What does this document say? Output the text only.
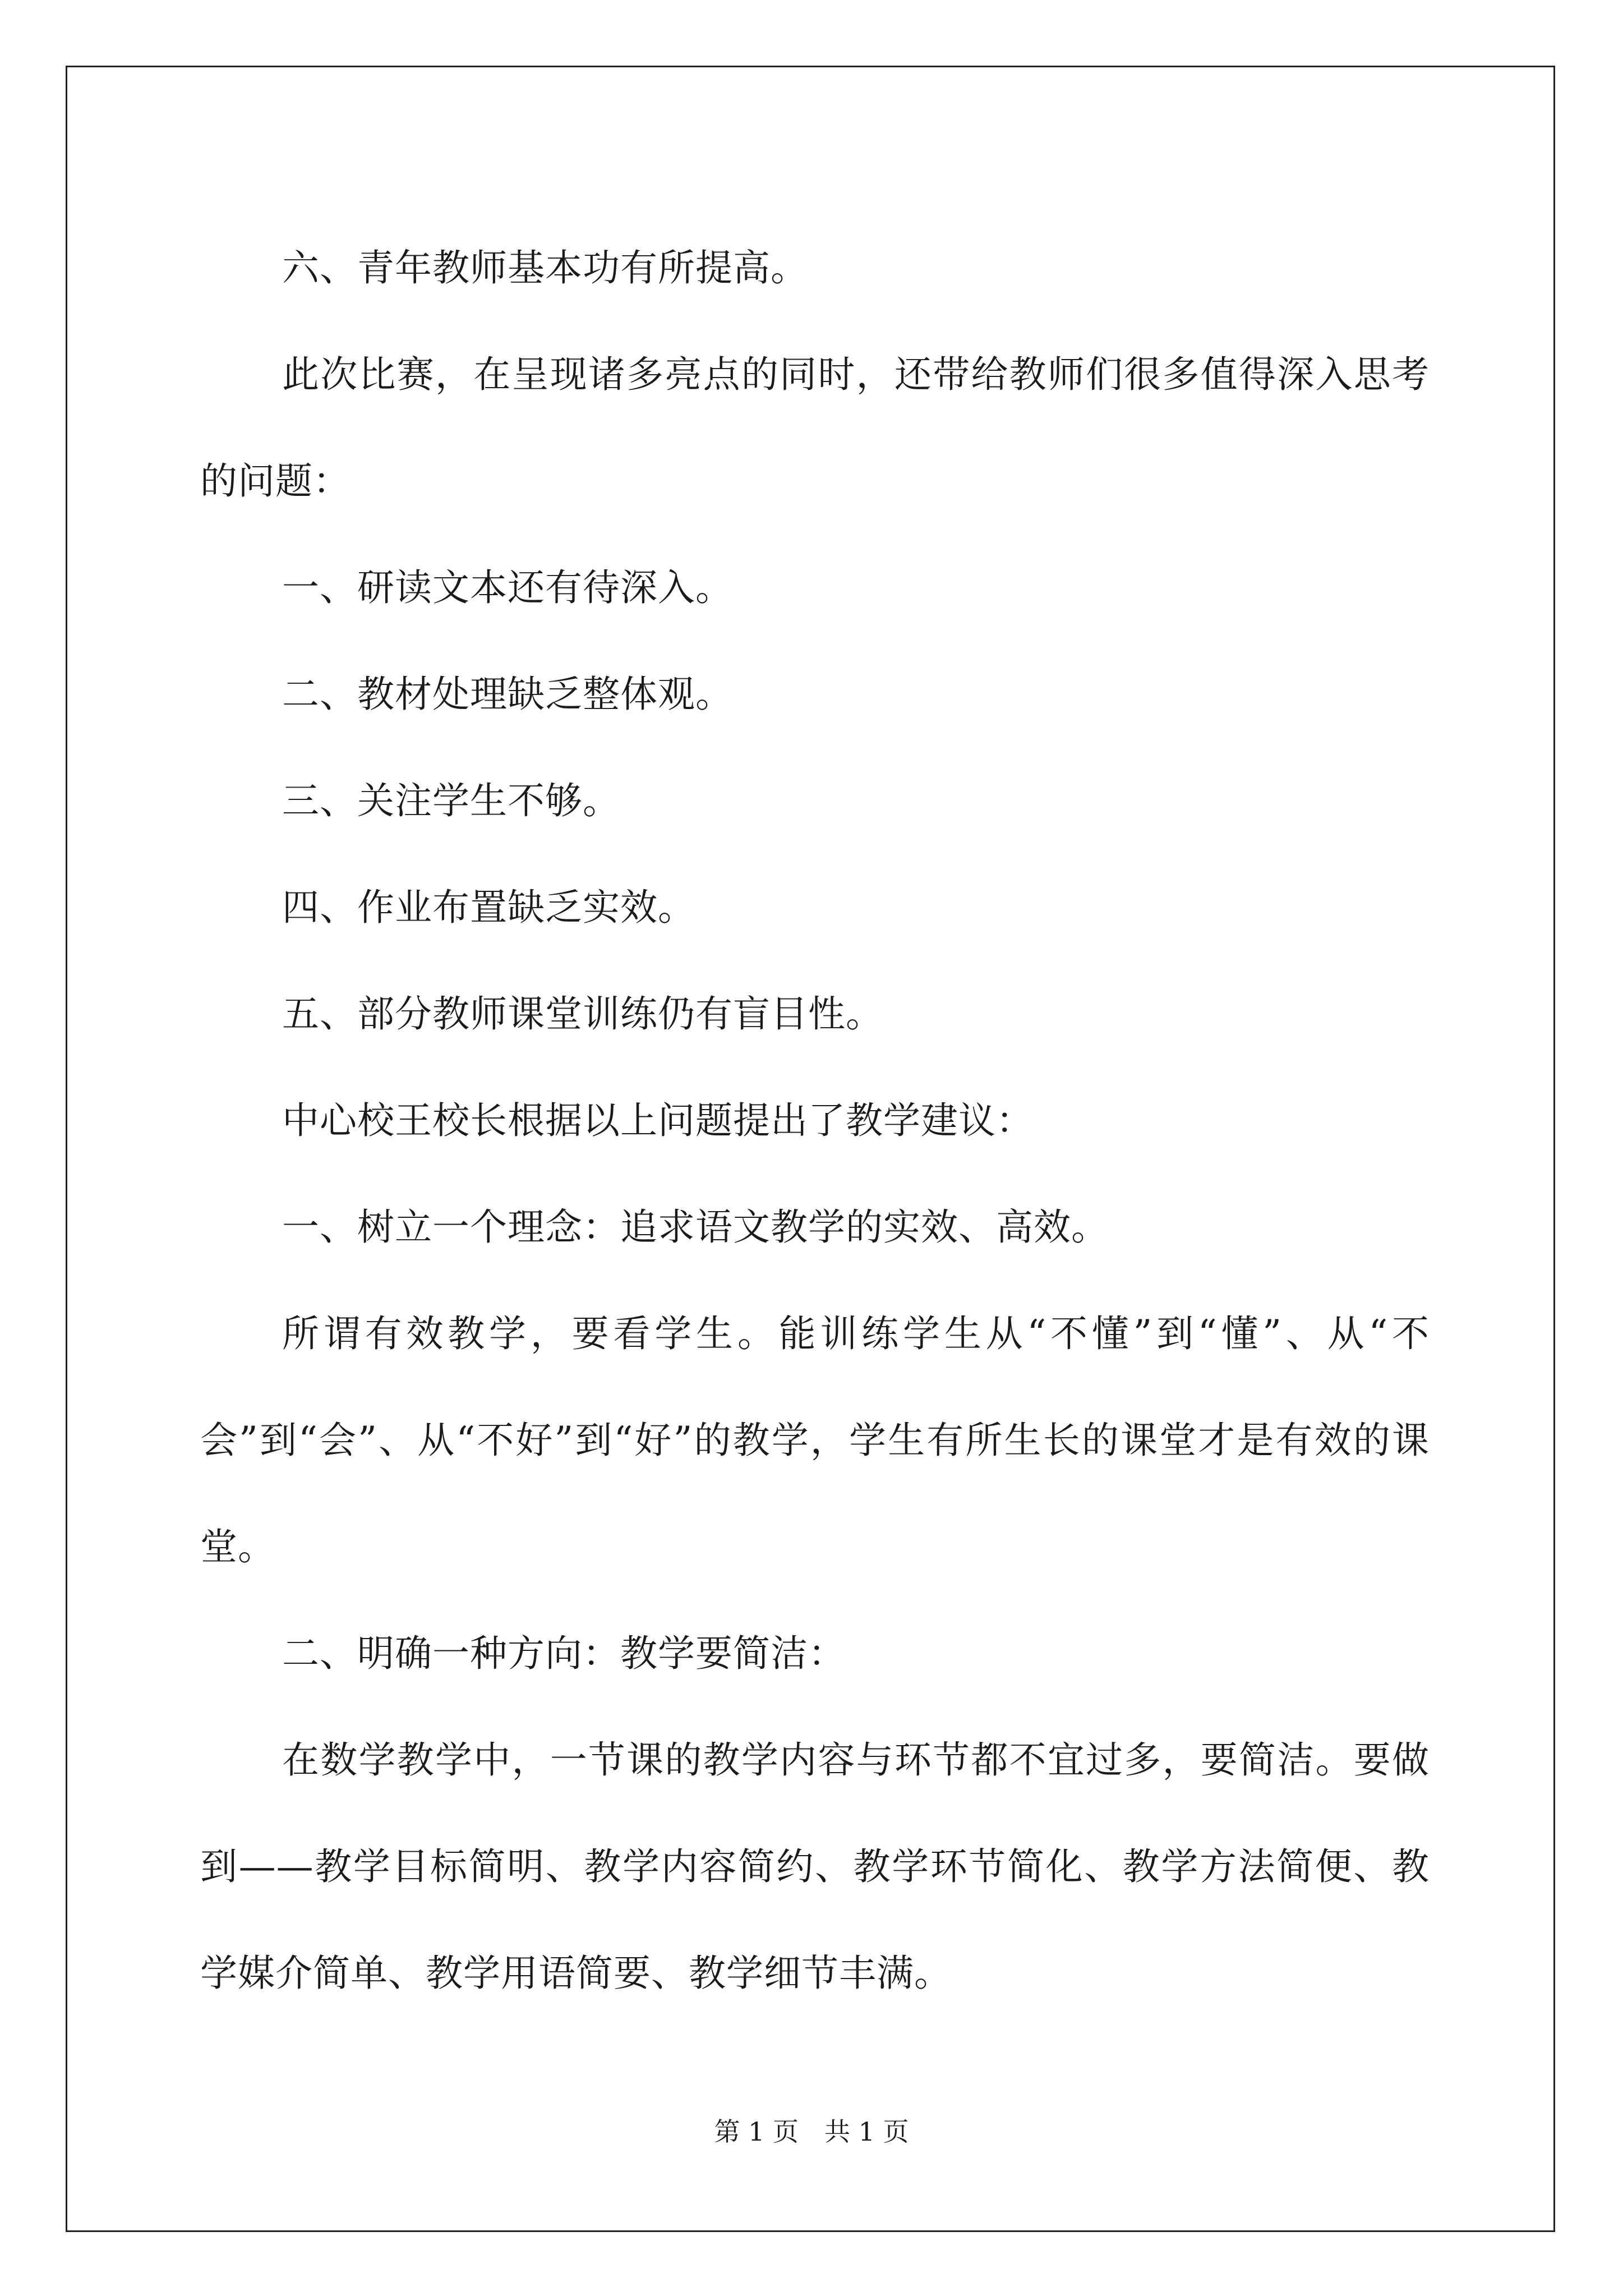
六、青年教师基本功有所提高。

此次比赛，在呈现诸多亮点的同时，还带给教师们很多值得深入思考的问题：

一、研读文本还有待深入。

二、教材处理缺乏整体观。

三、关注学生不够。

四、作业布置缺乏实效。

五、部分教师课堂训练仍有盲目性。

中心校王校长根据以上问题提出了教学建议：

一、树立一个理念：追求语文教学的实效、高效。

所谓有效教学，要看学生。能训练学生从“不懂”到“懂”、从“不会”到“会”、从“不好”到“好”的教学，学生有所生长的课堂才是有效的课堂。

二、明确一种方向：教学要简洁：

在数学教学中，一节课的教学内容与环节都不宜过多，要简洁。要做到——教学目标简明、教学内容简约、教学环节简化、教学方法简便、教学媒介简单、教学用语简要、教学细节丰满。

第 1 页　共 1 页
